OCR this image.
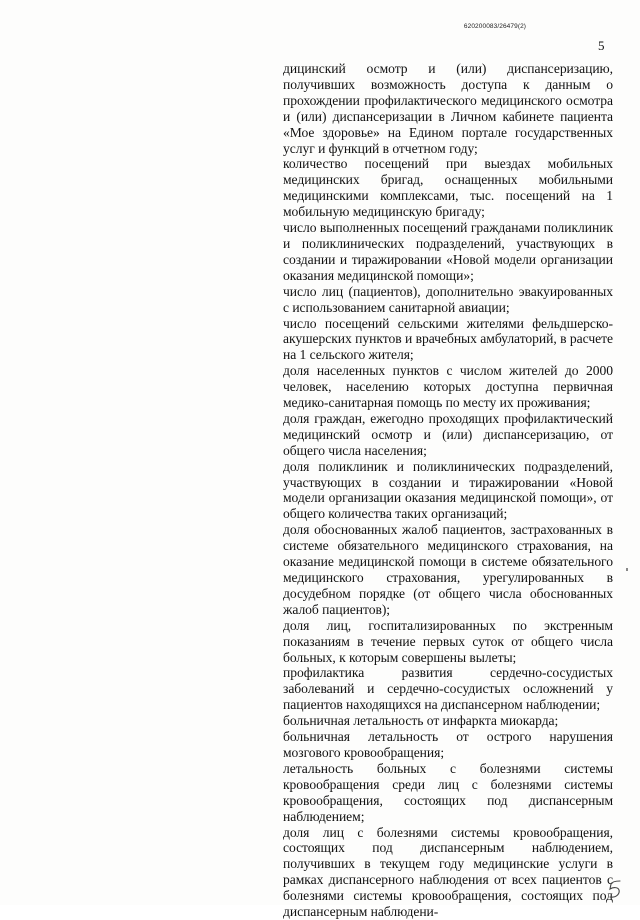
620200083/26479(2)
5

дицинский осмотр и (или) диспансеризацию, получивших возможность доступа к данным о прохождении профилактического медицинского осмотра и (или) диспансеризации в Личном кабинете пациента «Мое здоровье» на Едином портале государственных услуг и функций в отчетном году;

количество посещений при выездах мобильных медицинских бригад, оснащенных мобильными медицинскими комплексами, тыс. посещений на 1 мобильную медицинскую бригаду;

число выполненных посещений гражданами поликлиник и поликлинических подразделений, участвующих в создании и тиражировании «Новой модели организации оказания медицинской помощи»;

число лиц (пациентов), дополнительно эвакуированных с использованием санитарной авиации;

число посещений сельскими жителями фельдшерско-акушерских пунктов и врачебных амбулаторий, в расчете на 1 сельского жителя;

доля населенных пунктов с числом жителей до 2000 человек, населению которых доступна первичная медико-санитарная помощь по месту их проживания;

доля граждан, ежегодно проходящих профилактический медицинский осмотр и (или) диспансеризацию, от общего числа населения;

доля поликлиник и поликлинических подразделений, участвующих в создании и тиражировании «Новой модели организации оказания медицинской помощи», от общего количества таких организаций;

доля обоснованных жалоб пациентов, застрахованных в системе обязательного медицинского страхования, на оказание медицинской помощи в системе обязательного медицинского страхования, урегулированных в досудебном порядке (от общего числа обоснованных жалоб пациентов);

доля лиц, госпитализированных по экстренным показаниям в течение первых суток от общего числа больных, к которым совершены вылеты;

профилактика развития сердечно-сосудистых заболеваний и сердечно-сосудистых осложнений у пациентов находящихся на диспансерном наблюдении;

больничная летальность от инфаркта миокарда;

больничная летальность от острого нарушения мозгового кровообращения;

летальность больных с болезнями системы кровообращения среди лиц с болезнями системы кровообращения, состоящих под диспансерным наблюдением;

доля лиц с болезнями системы кровообращения, состоящих под диспансерным наблюдением, получивших в текущем году медицинские услуги в рамках диспансерного наблюдения от всех пациентов с болезнями системы кровообращения, состоящих под диспансерным наблюдени-
